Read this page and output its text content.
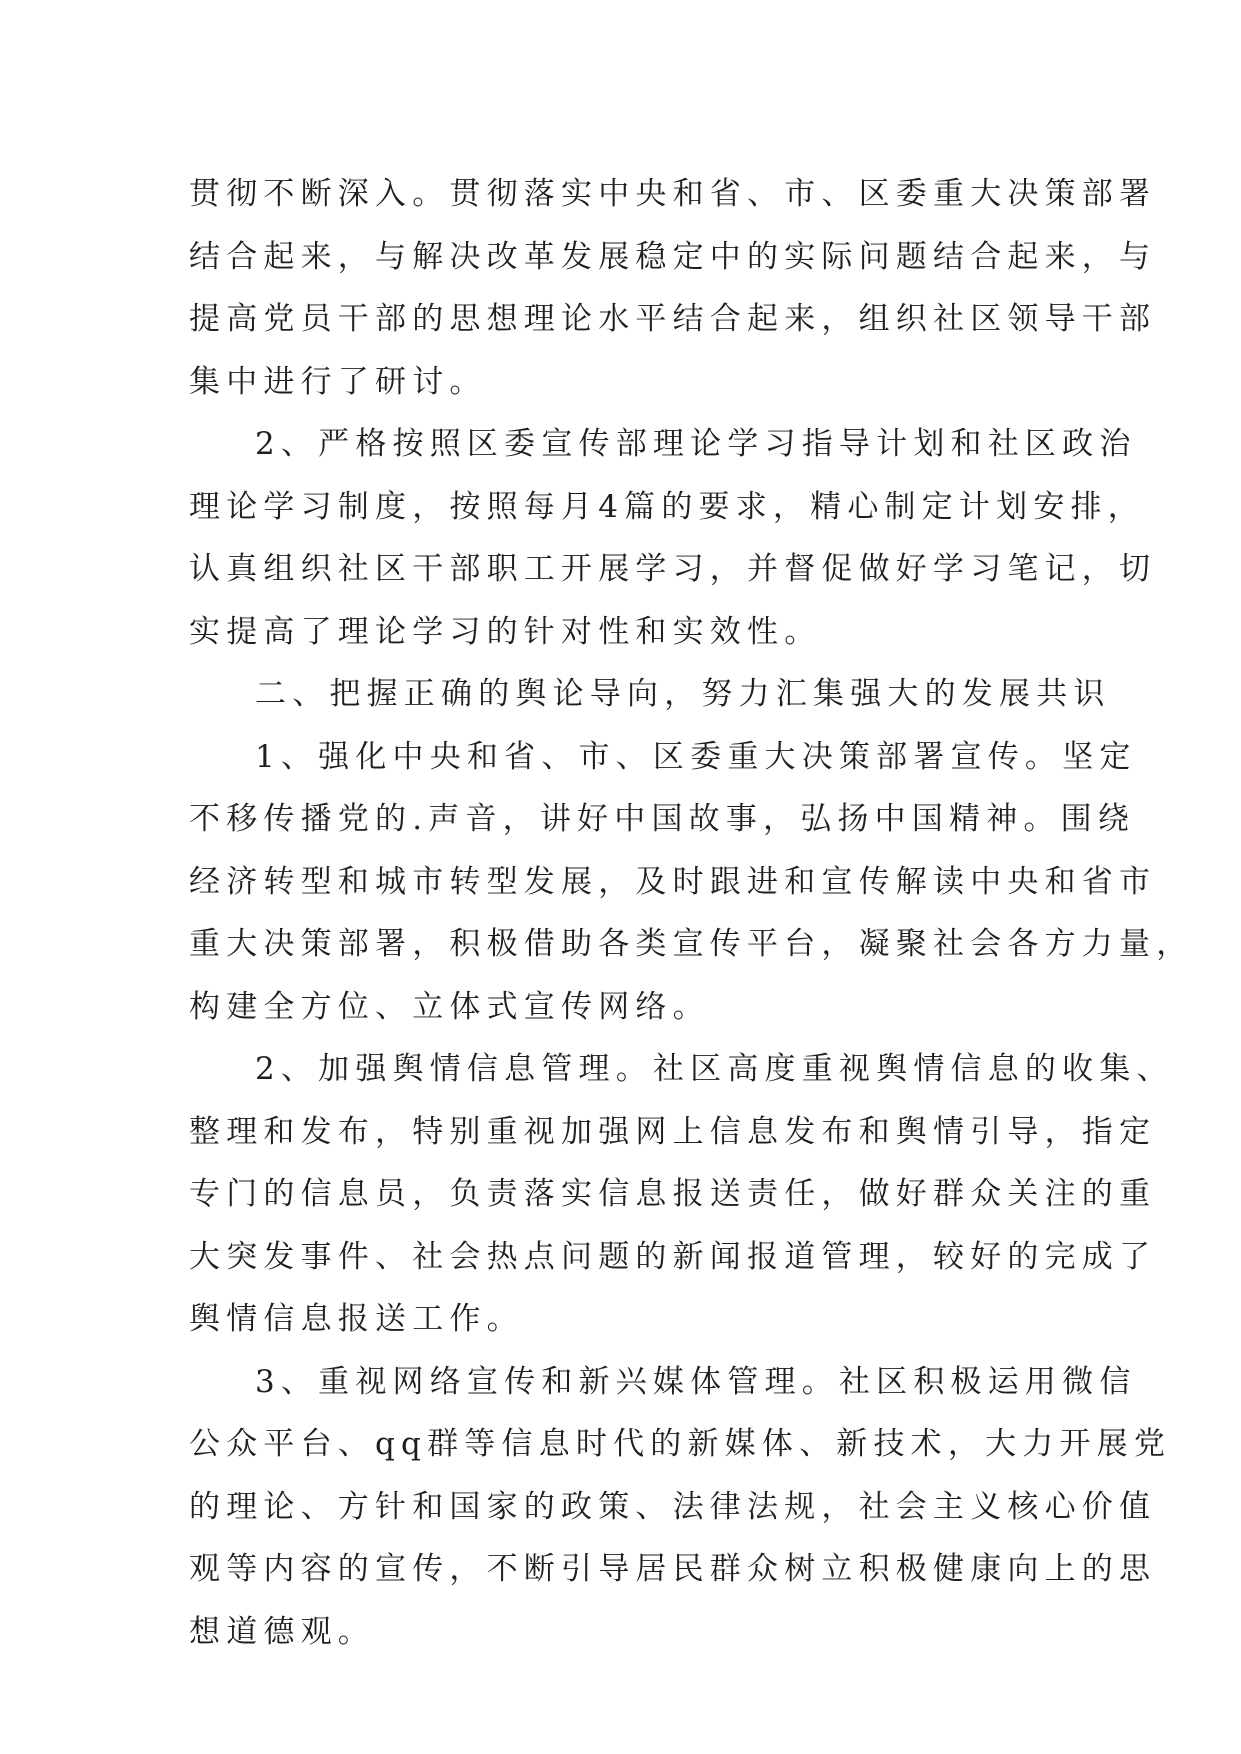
贯彻不断深入。贯彻落实中央和省、市、区委重大决策部署
结合起来，与解决改革发展稳定中的实际问题结合起来，与
提高党员干部的思想理论水平结合起来，组织社区领导干部
集中进行了研讨。
2、严格按照区委宣传部理论学习指导计划和社区政治
理论学习制度，按照每月4篇的要求，精心制定计划安排，
认真组织社区干部职工开展学习，并督促做好学习笔记，切
实提高了理论学习的针对性和实效性。
二、把握正确的舆论导向，努力汇集强大的发展共识
1、强化中央和省、市、区委重大决策部署宣传。坚定
不移传播党的.声音，讲好中国故事，弘扬中国精神。围绕
经济转型和城市转型发展，及时跟进和宣传解读中央和省市
重大决策部署，积极借助各类宣传平台，凝聚社会各方力量，
构建全方位、立体式宣传网络。
2、加强舆情信息管理。社区高度重视舆情信息的收集、
整理和发布，特别重视加强网上信息发布和舆情引导，指定
专门的信息员，负责落实信息报送责任，做好群众关注的重
大突发事件、社会热点问题的新闻报道管理，较好的完成了
舆情信息报送工作。
3、重视网络宣传和新兴媒体管理。社区积极运用微信
公众平台、qq群等信息时代的新媒体、新技术，大力开展党
的理论、方针和国家的政策、法律法规，社会主义核心价值
观等内容的宣传，不断引导居民群众树立积极健康向上的思
想道德观。
